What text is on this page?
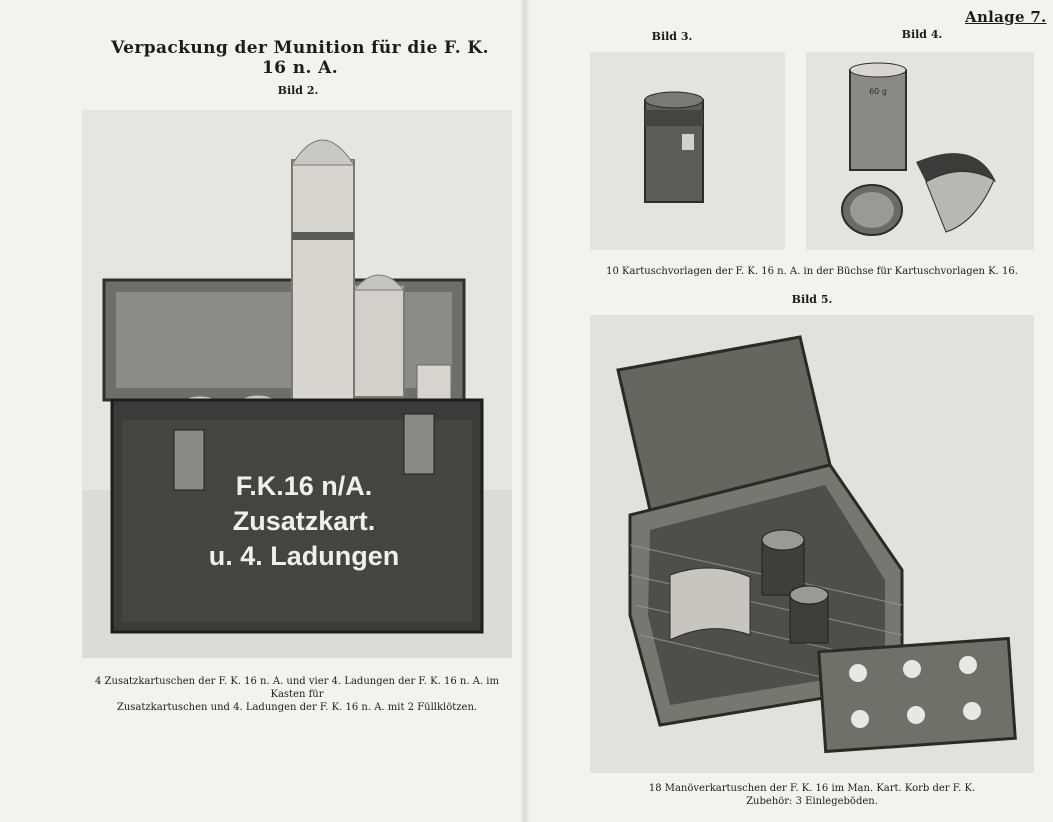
Anlage 7.
Verpackung der Munition für die F. K. 16 n. A.
Bild 2.
F.K.16 n/A.
Zusatzkart.
u. 4. Ladungen
4 Zusatzkartuschen der F. K. 16 n. A. und vier 4. Ladungen der F. K. 16 n. A. im Kasten für
Zusatzkartuschen und 4. Ladungen der F. K. 16 n. A. mit 2 Füllklötzen.
Bild 3.	Bild 4.
60 g
10 Kartuschvorlagen der F. K. 16 n. A. in der Büchse für Kartuschvorlagen K. 16.
Bild 5.
18 Manöverkartuschen der F. K. 16 im Man. Kart. Korb der F. K.
Zubehör: 3 Einlegeböden.
